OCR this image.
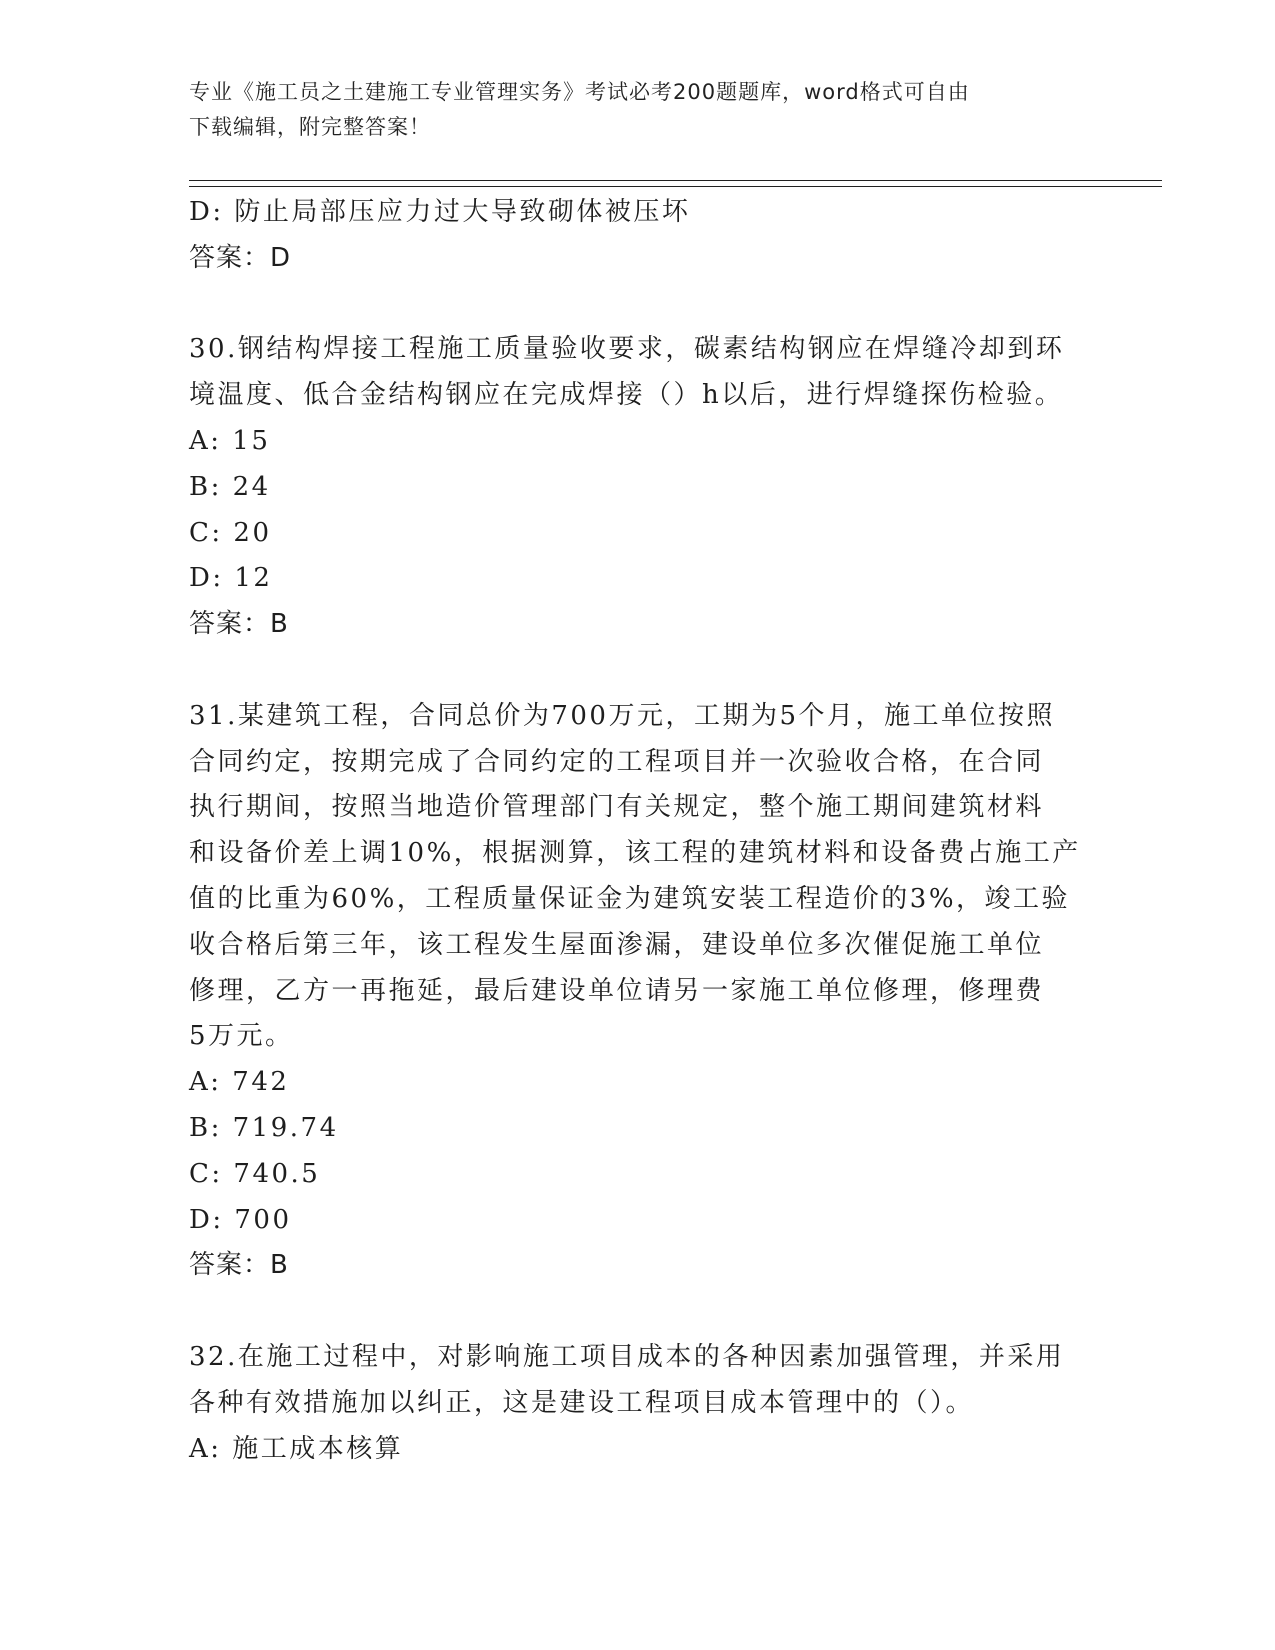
专业《施工员之土建施工专业管理实务》考试必考200题题库，word格式可自由
下载编辑，附完整答案！
D: 防止局部压应力过大导致砌体被压坏
答案：D
30.钢结构焊接工程施工质量验收要求，碳素结构钢应在焊缝冷却到环
境温度、低合金结构钢应在完成焊接（）h以后，进行焊缝探伤检验。
A: 15
B: 24
C: 20
D: 12
答案：B
31.某建筑工程，合同总价为700万元，工期为5个月，施工单位按照
合同约定，按期完成了合同约定的工程项目并一次验收合格，在合同
执行期间，按照当地造价管理部门有关规定，整个施工期间建筑材料
和设备价差上调10%，根据测算，该工程的建筑材料和设备费占施工产
值的比重为60%，工程质量保证金为建筑安装工程造价的3%，竣工验
收合格后第三年，该工程发生屋面渗漏，建设单位多次催促施工单位
修理，乙方一再拖延，最后建设单位请另一家施工单位修理，修理费
5万元。
A: 742
B: 719.74
C: 740.5
D: 700
答案：B
32.在施工过程中，对影响施工项目成本的各种因素加强管理，并采用
各种有效措施加以纠正，这是建设工程项目成本管理中的（）。
A: 施工成本核算
